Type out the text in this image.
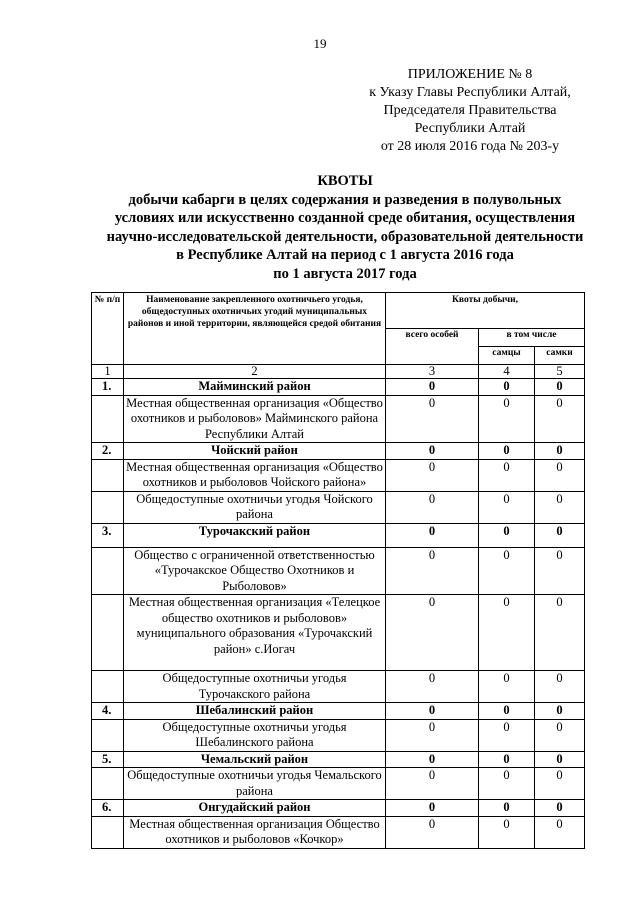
19
ПРИЛОЖЕНИЕ № 8
к Указу Главы Республики Алтай,
Председателя Правительства
Республики Алтай
от 28 июля 2016 года № 203-у
КВОТЫ
добычи кабарги в целях содержания и разведения в полувольных
условиях или искусственно созданной среде обитания, осуществления
научно-исследовательской деятельности, образовательной деятельности
в Республике Алтай на период с 1 августа 2016 года
по 1 августа 2017 года
№ п/п	Наименование закрепленного охотничьего угодья, общедоступных охотничьих угодий муниципальных районов и иной территории, являющейся средой обитания	Квоты добычи,		
		всего особей	в том числе	
			самцы	самки
1	2	3	4	5
1.	Майминский район	0	0	0
	Местная общественная организация «Общество охотников и рыболовов» Майминского района Республики Алтай	0	0	0
2.	Чойский район	0	0	0
	Местная общественная организация «Общество охотников и рыболовов Чойского района»	0	0	0
	Общедоступные охотничьи угодья Чойского района	0	0	0
3.	Турочакский район	0	0	0
	Общество с ограниченной ответственностью «Турочакское Общество Охотников и Рыболовов»	0	0	0
	Местная общественная организация «Телецкое общество охотников и рыболовов» муниципального образования «Турочакский район» с.Иогач	0	0	0
	Общедоступные охотничьи угодья Турочакского района	0	0	0
4.	Шебалинский район	0	0	0
	Общедоступные охотничьи угодья Шебалинского района	0	0	0
5.	Чемальский район	0	0	0
	Общедоступные охотничьи угодья Чемальского района	0	0	0
6.	Онгудайский район	0	0	0
	Местная общественная организация Общество охотников и рыболовов «Кочкор»	0	0	0
